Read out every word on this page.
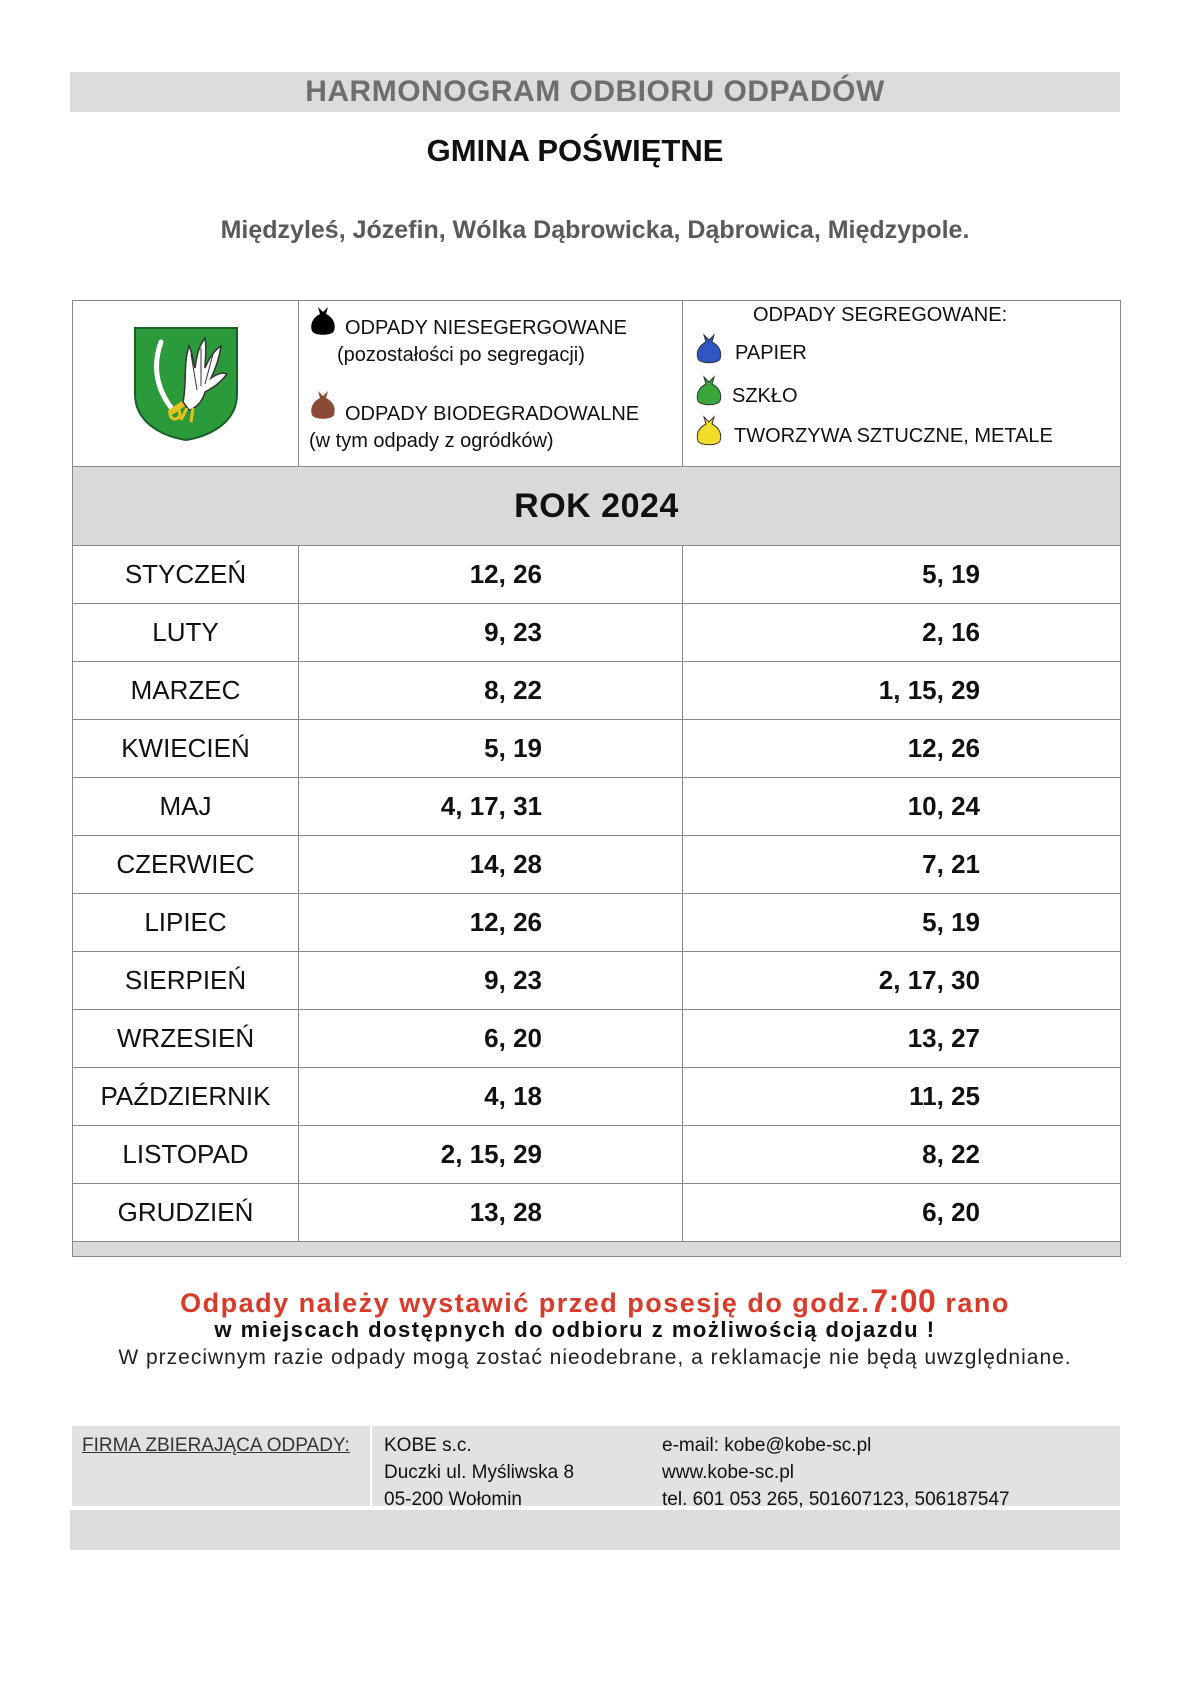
HARMONOGRAM ODBIORU ODPADÓW
GMINA POŚWIĘTNE
Międzyleś, Józefin, Wólka Dąbrowicka, Dąbrowica, Międzypole.

ODPADY NIESEGERGOWANE
(pozostałości po segregacji)
ODPADY BIODEGRADOWALNE
(w tym odpady z ogródków)	ODPADY SEGREGOWANE:
PAPIER
SZKŁO
TWORZYWA SZTUCZNE, METALE

ROK 2024		
STYCZEŃ	12, 26	5, 19
LUTY	9, 23	2, 16
MARZEC	8, 22	1, 15, 29
KWIECIEŃ	5, 19	12, 26
MAJ	4, 17, 31	10, 24
CZERWIEC	14, 28	7, 21
LIPIEC	12, 26	5, 19
SIERPIEŃ	9, 23	2, 17, 30
WRZESIEŃ	6, 20	13, 27
PAŹDZIERNIK	4, 18	11, 25
LISTOPAD	2, 15, 29	8, 22
GRUDZIEŃ	13, 28	6, 20

Odpady należy wystawić przed posesję do godz.7:00 rano
w miejscach dostępnych do odbioru z możliwością dojazdu !
W przeciwnym razie odpady mogą zostać nieodebrane, a reklamacje nie będą uwzględniane.
FIRMA ZBIERAJĄCA ODPADY: KOBE s.c.
Duczki ul. Myśliwska 8
05-200 Wołomin
e-mail: kobe@kobe-sc.pl
www.kobe-sc.pl
tel. 601 053 265, 501607123, 506187547
